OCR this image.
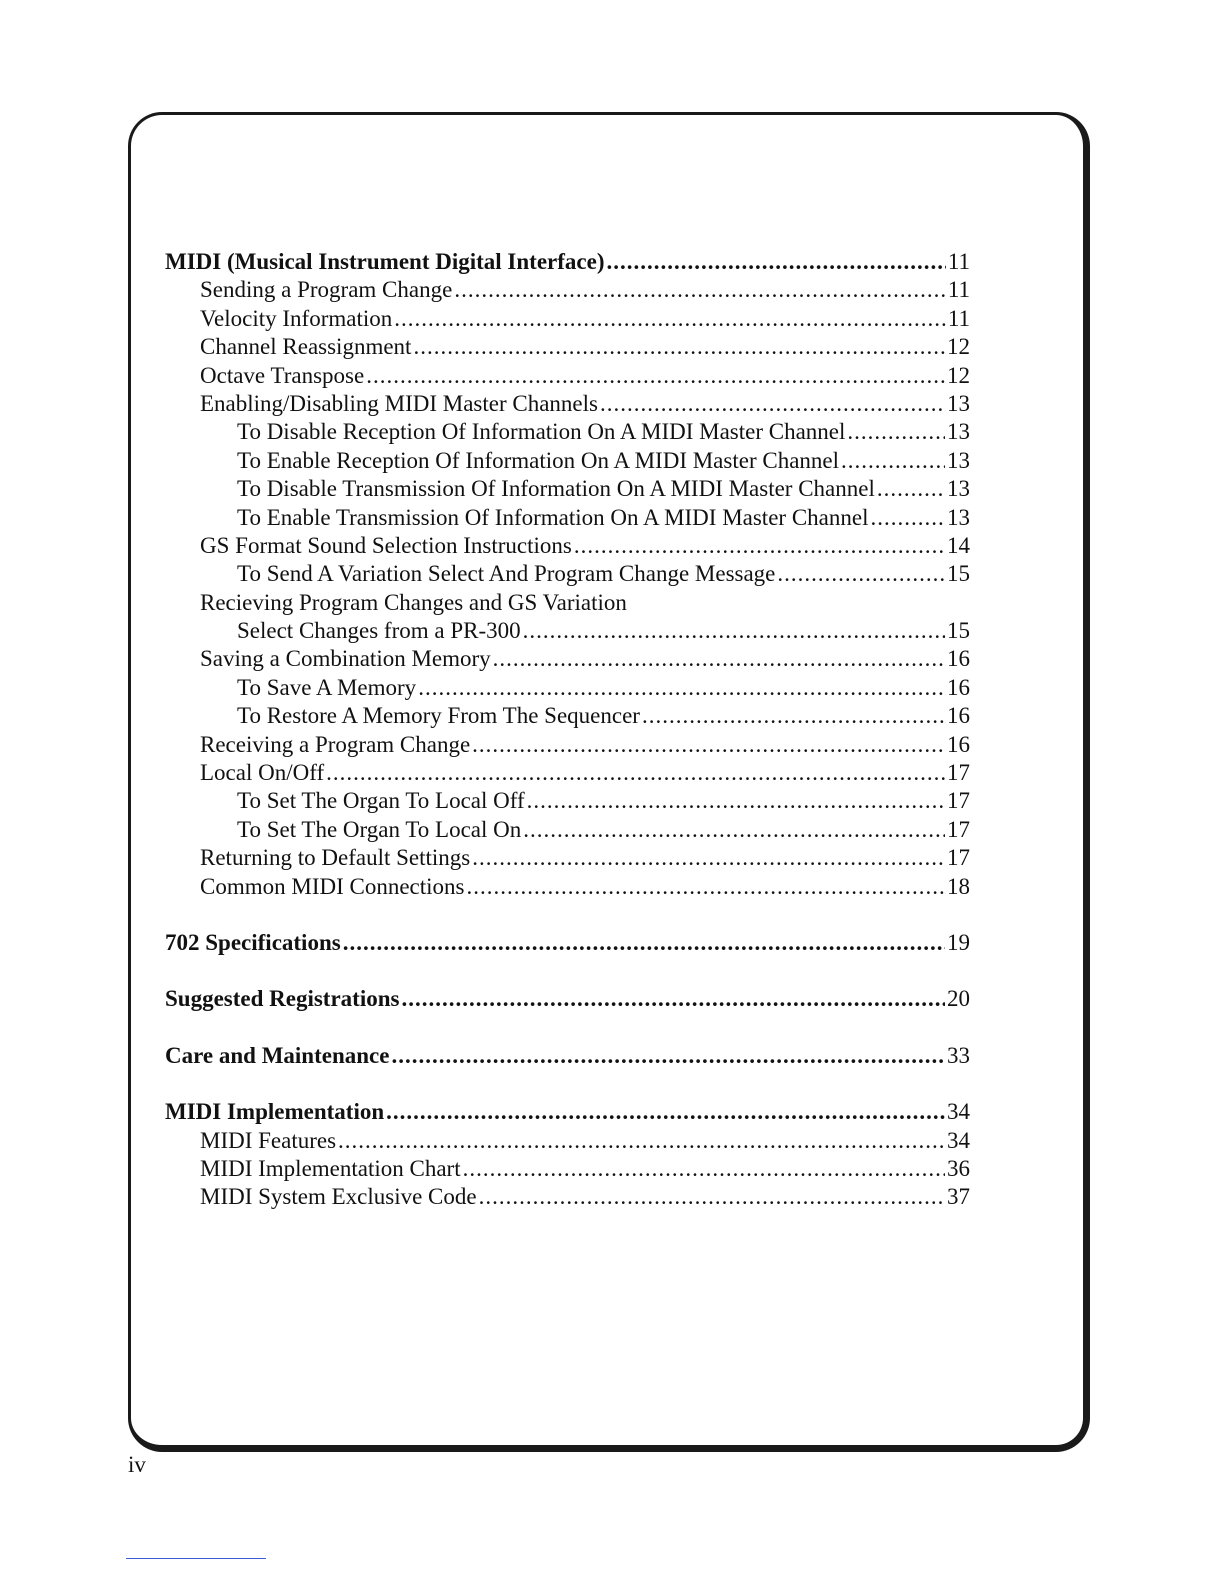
MIDI (Musical Instrument Digital Interface) .....	11
Sending a Program Change .....	11
Velocity Information .....	11
Channel Reassignment .....	12
Octave Transpose .....	12
Enabling/Disabling MIDI Master Channels .....	13
To Disable Reception Of Information On A MIDI Master Channel .....	13
To Enable Reception Of Information On A MIDI Master Channel .....	13
To Disable Transmission Of Information On A MIDI Master Channel .....	13
To Enable Transmission Of Information On A MIDI Master Channel .....	13
GS Format Sound Selection Instructions .....	14
To Send A Variation Select And Program Change Message .....	15
Recieving Program Changes and GS Variation
Select Changes from a PR-300 .....	15
Saving a Combination Memory .....	16
To Save A Memory .....	16
To Restore A Memory From The Sequencer .....	16
Receiving a Program Change .....	16
Local On/Off .....	17
To Set The Organ To Local Off .....	17
To Set The Organ To Local On .....	17
Returning to Default Settings .....	17
Common MIDI Connections .....	18
702 Specifications .....	19
Suggested Registrations .....	20
Care and Maintenance .....	33
MIDI Implementation .....	34
MIDI Features .....	34
MIDI Implementation Chart .....	36
MIDI System Exclusive Code .....	37
iv
